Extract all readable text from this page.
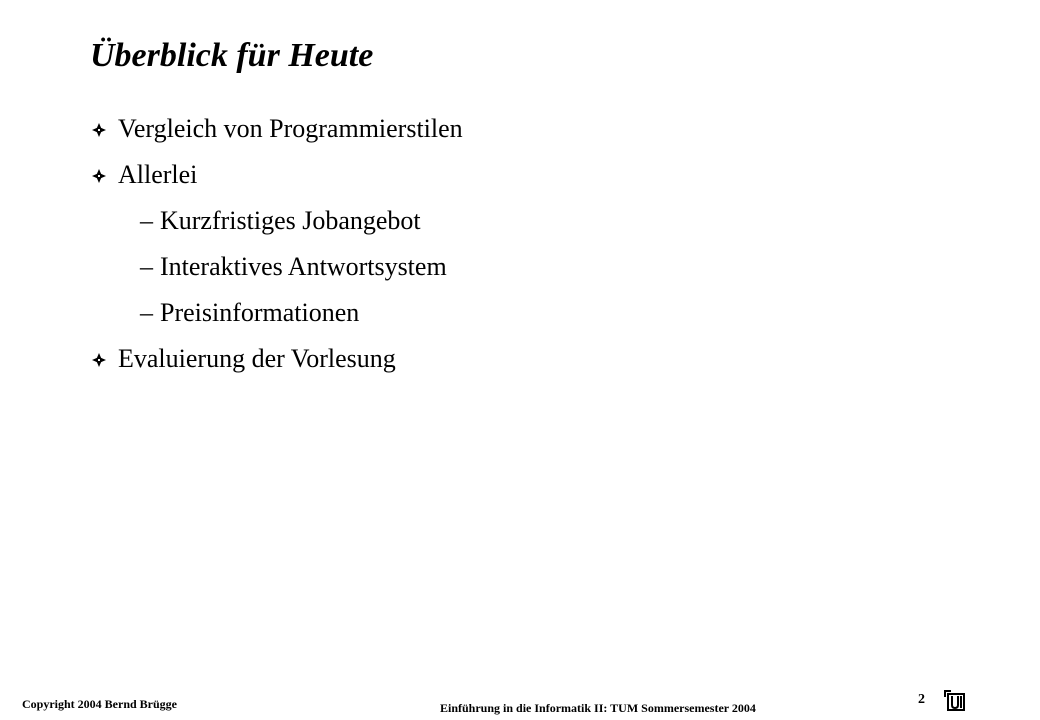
Überblick für Heute
Vergleich von Programmierstilen
Allerlei
– Kurzfristiges Jobangebot
– Interaktives Antwortsystem
– Preisinformationen
Evaluierung der Vorlesung
Copyright 2004 Bernd Brügge	Einführung in die Informatik II: TUM Sommersemester 2004
2
